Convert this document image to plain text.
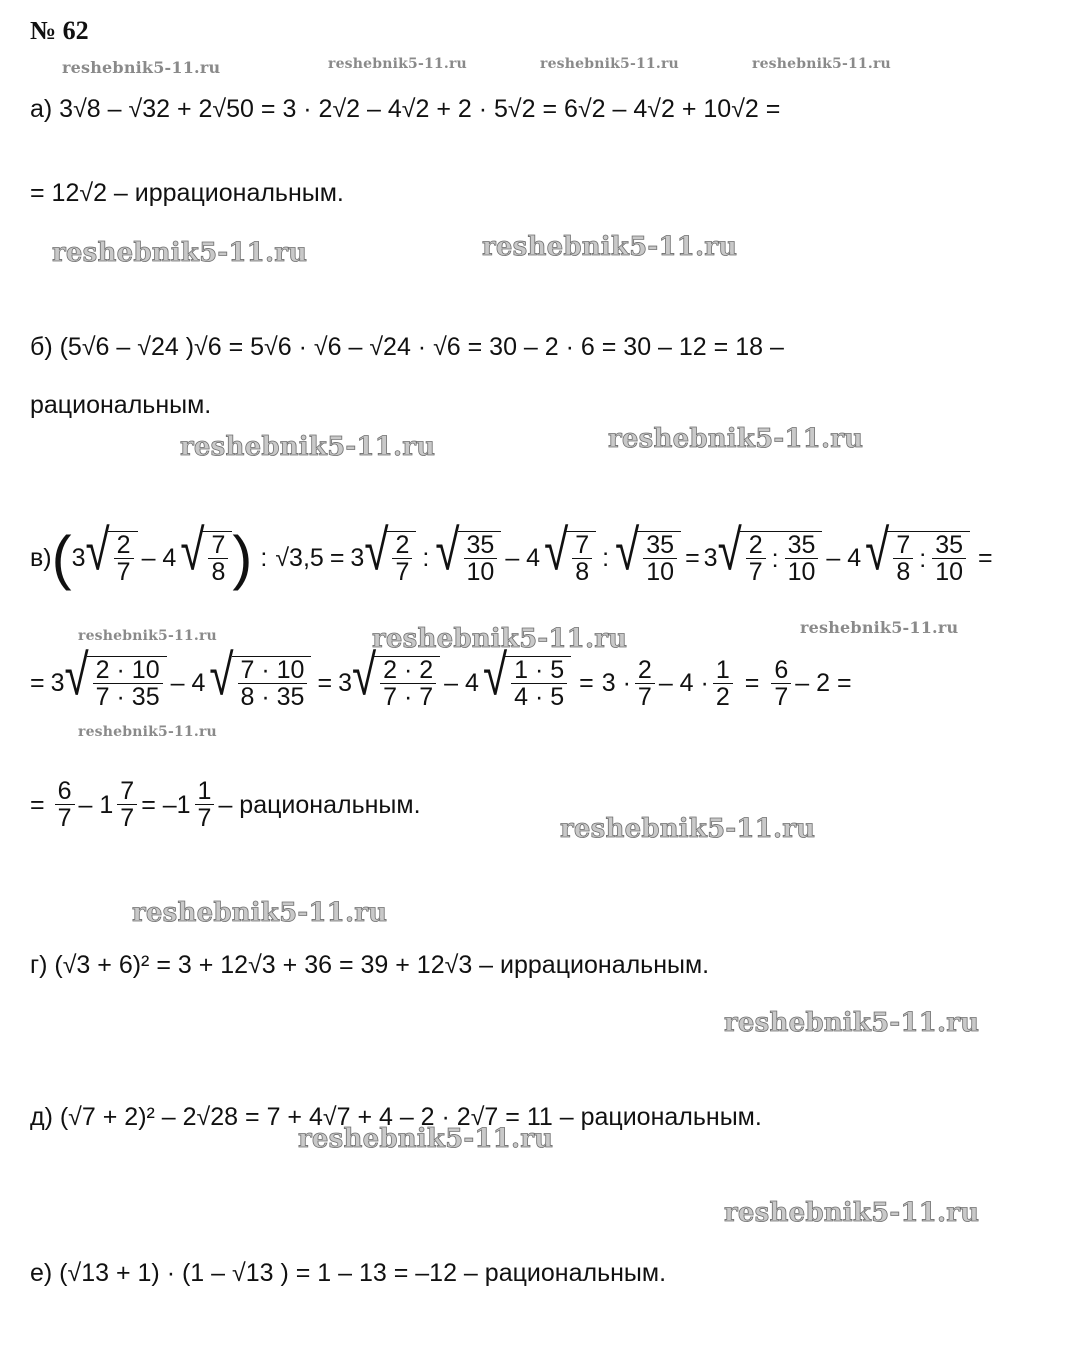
№ 62
reshebnik5-11.ru	reshebnik5-11.ru	reshebnik5-11.ru	reshebnik5-11.ru
reshebnik5-11.ru	reshebnik5-11.ru
reshebnik5-11.ru	reshebnik5-11.ru
reshebnik5-11.ru	reshebnik5-11.ru	reshebnik5-11.ru
reshebnik5-11.ru
reshebnik5-11.ru
reshebnik5-11.ru
reshebnik5-11.ru
reshebnik5-11.ru
reshebnik5-11.ru
а) 3√8 – √32 + 2√50 = 3 · 2√2 – 4√2 + 2 · 5√2 = 6√2 – 4√2 + 10√2 =
= 12√2 – иррациональным.
б) (5√6 – √24 )√6 = 5√6 · √6 – √24 · √6 = 30 – 2 · 6 = 30 – 12 = 18 –
рациональным.
в) ( 3 √ $\frac{2}{7} - 4$ √ $\frac{7}{8}$ ) : √3,5 = 3 √ $\frac{2}{7}$ : √ $\frac{35}{10} - 4$ √ $\frac{7}{8}$ : √ $\frac{35}{10} = 3$ √ $\frac{2}{7}$ : $\frac{35}{10} - 4$ √ $\frac{7}{8}$ : $\frac{35}{10}$ =
= 3 √ $\frac{2 \cdot 10}{7 \cdot 35} - 4$ √ $\frac{7 \cdot 10}{8 \cdot 35} = 3$ √ $\frac{2 \cdot 2}{7 \cdot 7} - 4$ √ $\frac{1 \cdot 5}{4 \cdot 5} = 3 \cdot \frac{2}{7} - 4 \cdot \frac{1}{2} = \frac{6}{7} - 2$ =
= $\frac{6}{7} - 1 \frac{7}{7} = -1 \frac{1}{7}$ – рациональным.
г) (√3 + 6)² = 3 + 12√3 + 36 = 39 + 12√3 – иррациональным.
д) (√7 + 2)² – 2√28 = 7 + 4√7 + 4 – 2 · 2√7 = 11 – рациональным.
е) (√13 + 1) · (1 – √13 ) = 1 – 13 = –12 – рациональным.
